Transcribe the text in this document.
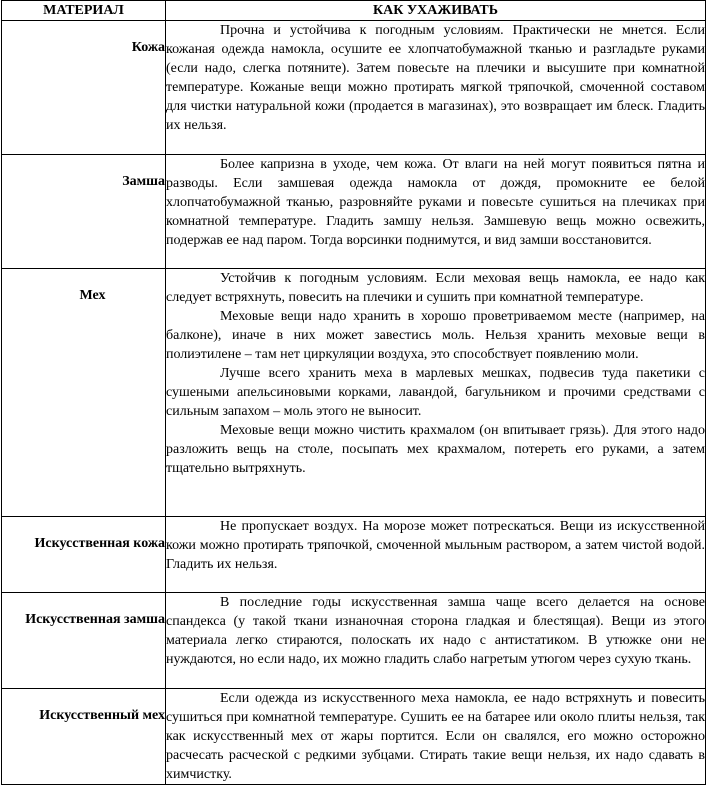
МАТЕРИАЛ	КАК УХАЖИВАТЬ

Кожа	Прочна и устойчива к погодным условиям. Практически не мнется. Если кожаная одежда намокла, осушите ее хлопчатобумажной тканью и разгладьте руками (если надо, слегка потяните). Затем повесьте на плечики и высушите при комнатной температуре. Кожаные вещи можно протирать мягкой тряпочкой, смоченной составом для чистки натуральной кожи (продается в магазинах), это возвращает им блеск. Гладить их нельзя.

Замша	Более капризна в уходе, чем кожа. От влаги на ней могут появиться пятна и разводы. Если замшевая одежда намокла от дождя, промокните ее белой хлопчатобумажной тканью, разровняйте руками и повесьте сушиться на плечиках при комнатной температуре. Гладить замшу нельзя. Замшевую вещь можно освежить, подержав ее над паром. Тогда ворсинки поднимутся, и вид замши восстановится.

Мех	Устойчив к погодным условиям. Если меховая вещь намокла, ее надо как следует встряхнуть, повесить на плечики и сушить при комнатной температуре.

Меховые вещи надо хранить в хорошо проветриваемом месте (например, на балконе), иначе в них может завестись моль. Нельзя хранить меховые вещи в полиэтилене – там нет циркуляции воздуха, это способствует появлению моли.

Лучше всего хранить меха в марлевых мешках, подвесив туда пакетики с сушеными апельсиновыми корками, лавандой, багульником и прочими средствами с сильным запахом – моль этого не выносит.

Меховые вещи можно чистить крахмалом (он впитывает грязь). Для этого надо разложить вещь на столе, посыпать мех крахмалом, потереть его руками, а затем тщательно вытряхнуть.

Искусственная кожа	Не пропускает воздух. На морозе может потрескаться. Вещи из искусственной кожи можно протирать тряпочкой, смоченной мыльным раствором, а затем чистой водой. Гладить их нельзя.

Искусственная замша	В последние годы искусственная замша чаще всего делается на основе спандекса (у такой ткани изнаночная сторона гладкая и блестящая). Вещи из этого материала легко стираются, полоскать их надо с антистатиком. В утюжке они не нуждаются, но если надо, их можно гладить слабо нагретым утюгом через сухую ткань.

Искусственный мех	Если одежда из искусственного меха намокла, ее надо встряхнуть и повесить сушиться при комнатной температуре. Сушить ее на батарее или около плиты нельзя, так как искусственный мех от жары портится. Если он свалялся, его можно осторожно расчесать расческой с редкими зубцами. Стирать такие вещи нельзя, их надо сдавать в химчистку.
